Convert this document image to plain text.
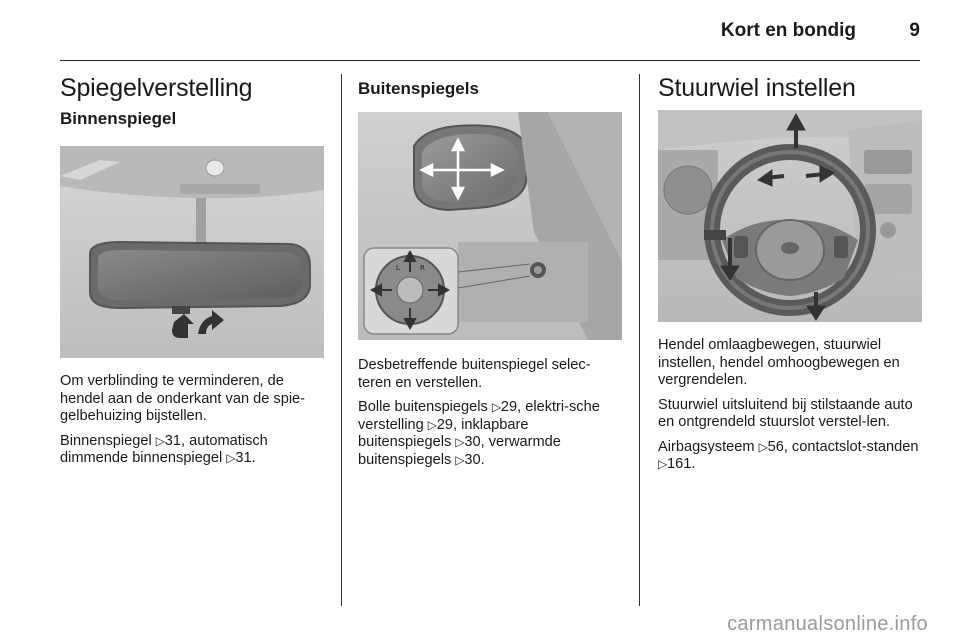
Kort en bondig	9
Spiegelverstelling
Binnenspiegel
Om verblinding te verminderen, de hendel aan de onderkant van de spie-gelbehuizing bijstellen.
Binnenspiegel ▷31, automatisch dimmende binnenspiegel ▷31.
Buitenspiegels
L	R
Desbetreffende buitenspiegel selec-teren en verstellen.
Bolle buitenspiegels ▷29, elektri-sche verstelling ▷29, inklapbare buitenspiegels ▷30, verwarmde buitenspiegels ▷30.
Stuurwiel instellen
Hendel omlaagbewegen, stuurwiel instellen, hendel omhoogbewegen en vergrendelen.
Stuurwiel uitsluitend bij stilstaande auto en ontgrendeld stuurslot verstel-len.
Airbagsysteem ▷56, contactslot-standen ▷161.
carmanualsonline.info
